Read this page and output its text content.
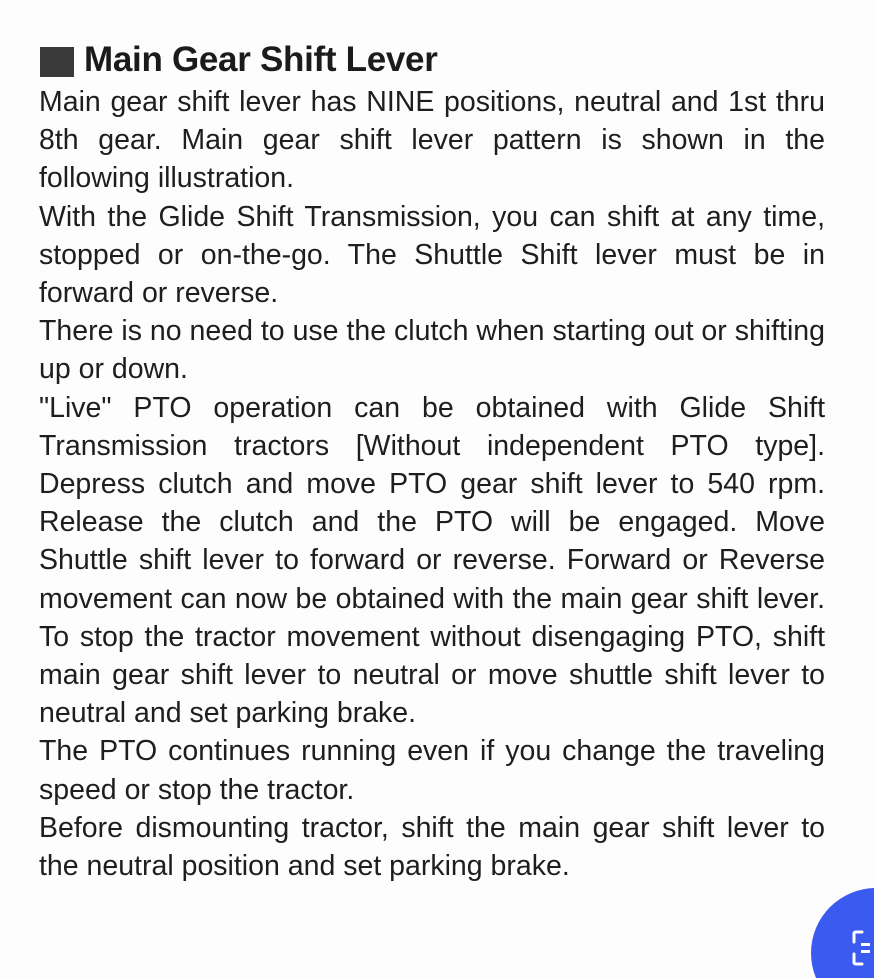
Main Gear Shift Lever

Main gear shift lever has NINE positions, neutral and 1st thru 8th gear. Main gear shift lever pattern is shown in the following illustration.

With the Glide Shift Transmission, you can shift at any time, stopped or on-the-go. The Shuttle Shift lever must be in forward or reverse.

There is no need to use the clutch when starting out or shifting up or down.

"Live" PTO operation can be obtained with Glide Shift Transmission tractors [Without independent PTO type]. Depress clutch and move PTO gear shift lever to 540 rpm. Release the clutch and the PTO will be engaged. Move Shuttle shift lever to forward or reverse. Forward or Reverse movement can now be obtained with the main gear shift lever. To stop the tractor movement without disengaging PTO, shift main gear shift lever to neutral or move shuttle shift lever to neutral and set parking brake.

The PTO continues running even if you change the traveling speed or stop the tractor.

Before dismounting tractor, shift the main gear shift lever to the neutral position and set parking brake.
